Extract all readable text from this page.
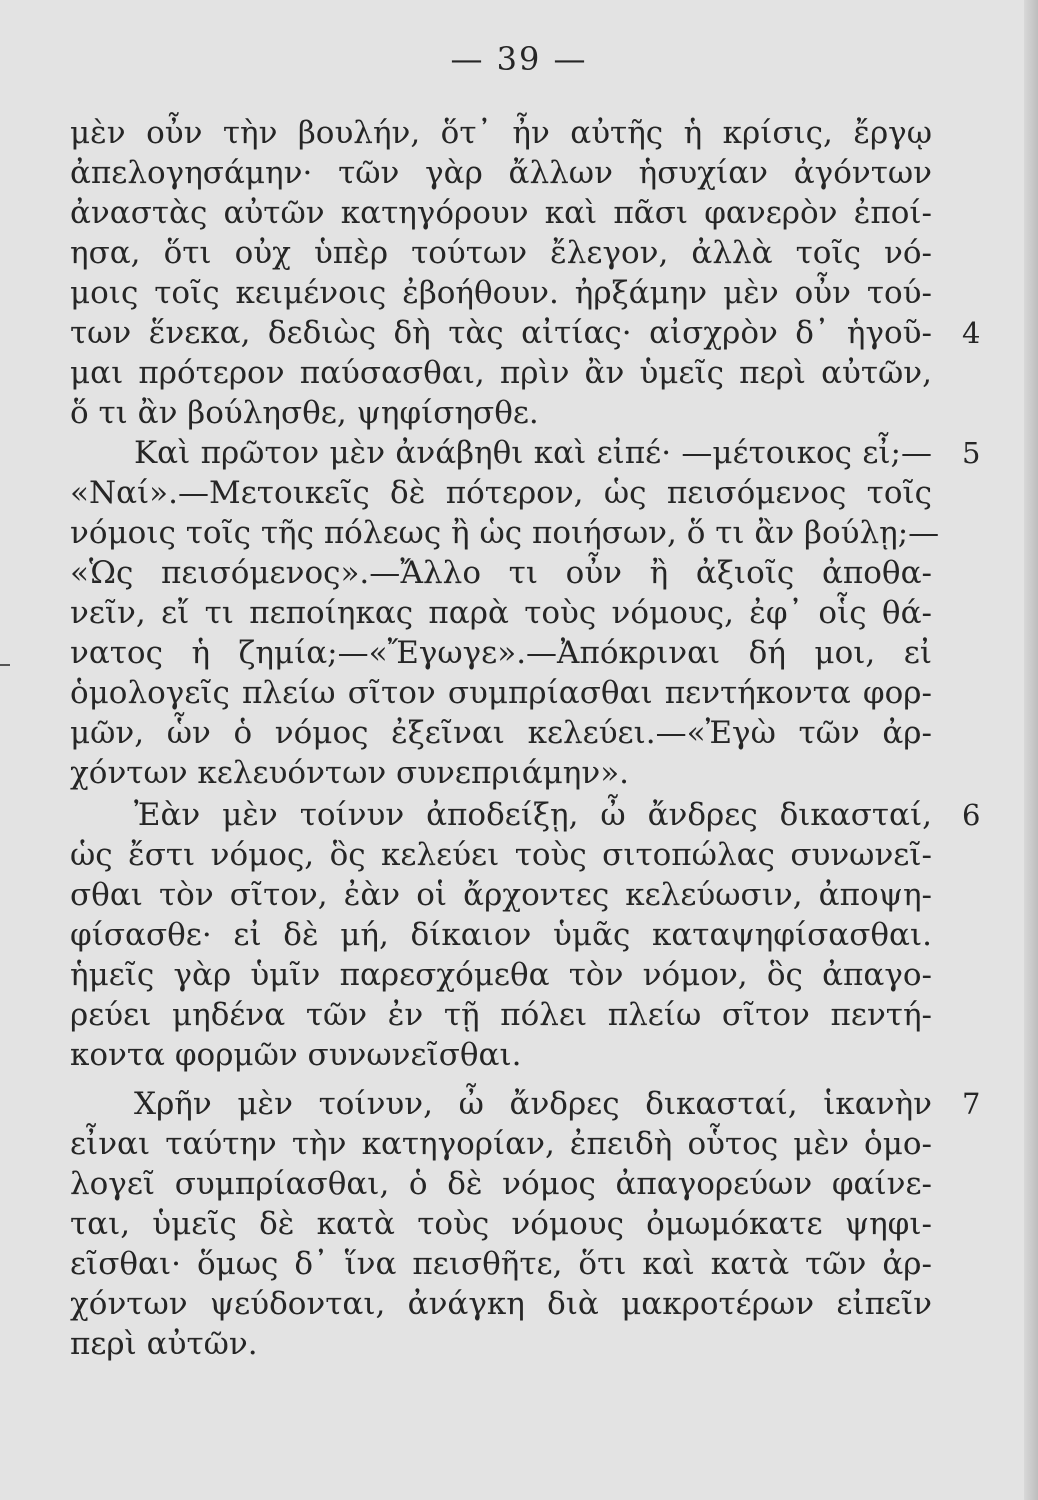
— 39 —
μὲν οὖν τὴν βουλήν, ὅτ᾽ ἦν αὐτῆς ἡ κρίσις, ἔργῳ
ἀπελογησάμην· τῶν γὰρ ἄλλων ἡσυχίαν ἀγόντων
ἀναστὰς αὐτῶν κατηγόρουν καὶ πᾶσι φανερὸν ἐποί-
ησα, ὅτι οὐχ ὑπὲρ τούτων ἔλεγον, ἀλλὰ τοῖς νό-
μοις τοῖς κειμένοις ἐβοήθουν. ἠρξάμην μὲν οὖν τού-
των ἕνεκα, δεδιὼς δὴ τὰς αἰτίας· αἰσχρὸν δ᾽ ἡγοῦ- 4
μαι πρότερον παύσασθαι, πρὶν ἂν ὑμεῖς περὶ αὐτῶν,
ὅ τι ἂν βούλησθε, ψηφίσησθε.
Καὶ πρῶτον μὲν ἀνάβηθι καὶ εἰπέ· —μέτοικος εἶ;— 5
«Ναί».—Μετοικεῖς δὲ πότερον, ὡς πεισόμενος τοῖς
νόμοις τοῖς τῆς πόλεως ἢ ὡς ποιήσων, ὅ τι ἂν βούλῃ;—
«Ὡς πεισόμενος».—Ἄλλο τι οὖν ἢ ἀξιοῖς ἀποθα-
νεῖν, εἴ τι πεποίηκας παρὰ τοὺς νόμους, ἐφ᾽ οἷς θά-
νατος ἡ ζημία;—«Ἔγωγε».—Ἀπόκριναι δή μοι, εἰ
ὁμολογεῖς πλείω σῖτον συμπρίασθαι πεντήκοντα φορ-
μῶν, ὧν ὁ νόμος ἐξεῖναι κελεύει.—«Ἐγὼ τῶν ἀρ-
χόντων κελευόντων συνεπριάμην».
Ἐὰν μὲν τοίνυν ἀποδείξῃ, ὦ ἄνδρες δικασταί, 6
ὡς ἔστι νόμος, ὃς κελεύει τοὺς σιτοπώλας συνωνεῖ-
σθαι τὸν σῖτον, ἐὰν οἱ ἄρχοντες κελεύωσιν, ἀποψη-
φίσασθε· εἰ δὲ μή, δίκαιον ὑμᾶς καταψηφίσασθαι.
ἡμεῖς γὰρ ὑμῖν παρεσχόμεθα τὸν νόμον, ὃς ἀπαγο-
ρεύει μηδένα τῶν ἐν τῇ πόλει πλείω σῖτον πεντή-
κοντα φορμῶν συνωνεῖσθαι.
Χρῆν μὲν τοίνυν, ὦ ἄνδρες δικασταί, ἱκανὴν 7
εἶναι ταύτην τὴν κατηγορίαν, ἐπειδὴ οὗτος μὲν ὁμο-
λογεῖ συμπρίασθαι, ὁ δὲ νόμος ἀπαγορεύων φαίνε-
ται, ὑμεῖς δὲ κατὰ τοὺς νόμους ὀμωμόκατε ψηφι-
εῖσθαι· ὅμως δ᾽ ἵνα πεισθῆτε, ὅτι καὶ κατὰ τῶν ἀρ-
χόντων ψεύδονται, ἀνάγκη διὰ μακροτέρων εἰπεῖν
περὶ αὐτῶν.
